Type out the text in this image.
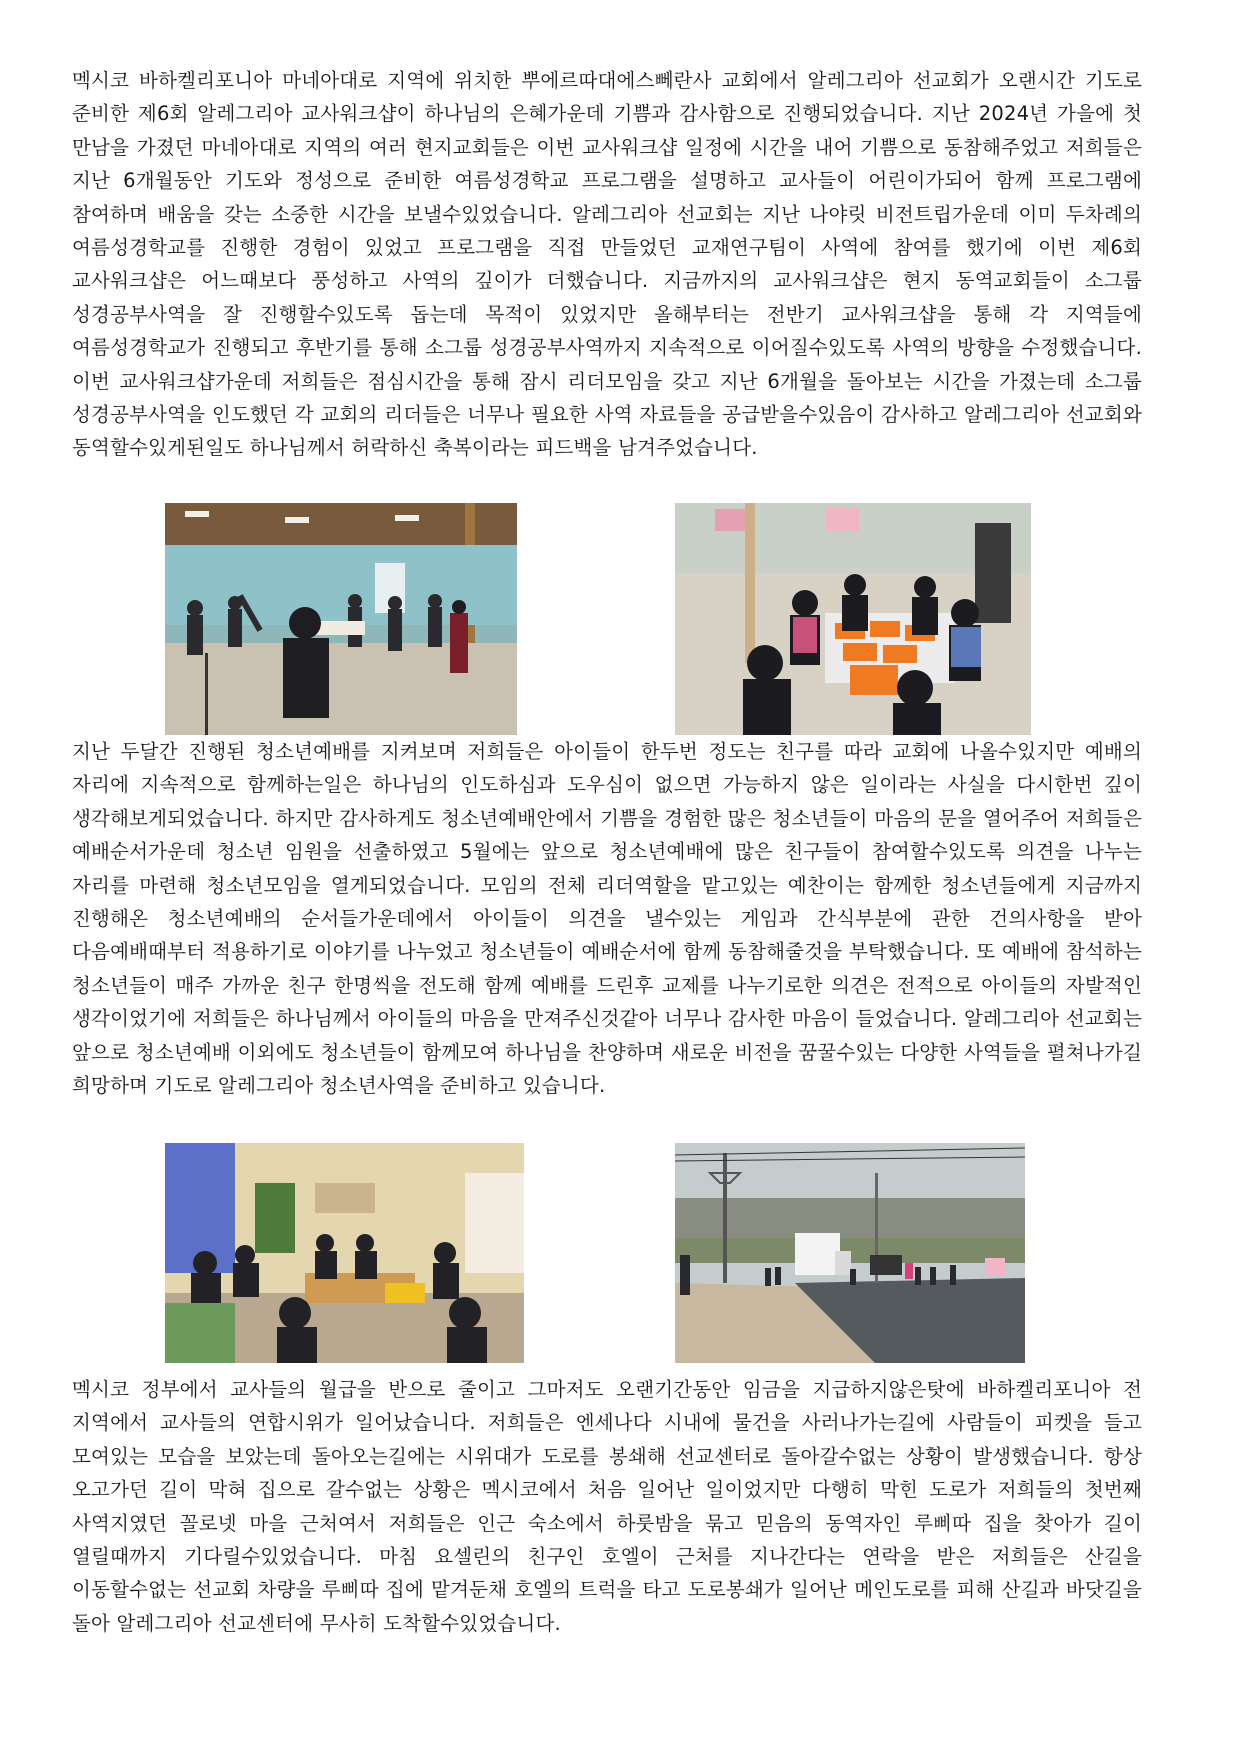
멕시코 바하켈리포니아 마네아대로 지역에 위치한 뿌에르따대에스뻬란사 교회에서 알레그리아 선교회가 오랜시간 기도로 준비한 제6회 알레그리아 교사워크샵이 하나님의 은혜가운데 기쁨과 감사함으로 진행되었습니다. 지난 2024년 가을에 첫 만남을 가졌던 마네아대로 지역의 여러 현지교회들은 이번 교사워크샵 일정에 시간을 내어 기쁨으로 동참해주었고 저희들은 지난 6개월동안 기도와 정성으로 준비한 여름성경학교 프로그램을 설명하고 교사들이 어린이가되어 함께 프로그램에 참여하며 배움을 갖는 소중한 시간을 보낼수있었습니다. 알레그리아 선교회는 지난 나야릿 비전트립가운데 이미 두차례의 여름성경학교를 진행한 경험이 있었고 프로그램을 직접 만들었던 교재연구팀이 사역에 참여를 했기에 이번 제6회 교사워크샵은 어느때보다 풍성하고 사역의 깊이가 더했습니다. 지금까지의 교사워크샵은 현지 동역교회들이 소그룹 성경공부사역을 잘 진행할수있도록 돕는데 목적이 있었지만 올해부터는 전반기 교사워크샵을 통해 각 지역들에 여름성경학교가 진행되고 후반기를 통해 소그룹 성경공부사역까지 지속적으로 이어질수있도록 사역의 방향을 수정했습니다. 이번 교사워크샵가운데 저희들은 점심시간을 통해 잠시 리더모임을 갖고 지난 6개월을 돌아보는 시간을 가졌는데 소그룹 성경공부사역을 인도했던 각 교회의 리더들은 너무나 필요한 사역 자료들을 공급받을수있음이 감사하고 알레그리아 선교회와 동역할수있게된일도 하나님께서 허락하신 축복이라는 피드백을 남겨주었습니다.

지난 두달간 진행된 청소년예배를 지켜보며 저희들은 아이들이 한두번 정도는 친구를 따라 교회에 나올수있지만 예배의 자리에 지속적으로 함께하는일은 하나님의 인도하심과 도우심이 없으면 가능하지 않은 일이라는 사실을 다시한번 깊이 생각해보게되었습니다. 하지만 감사하게도 청소년예배안에서 기쁨을 경험한 많은 청소년들이 마음의 문을 열어주어 저희들은 예배순서가운데 청소년 임원을 선출하였고 5월에는 앞으로 청소년예배에 많은 친구들이 참여할수있도록 의견을 나누는 자리를 마련해 청소년모임을 열게되었습니다. 모임의 전체 리더역할을 맡고있는 예찬이는 함께한 청소년들에게 지금까지 진행해온 청소년예배의 순서들가운데에서 아이들이 의견을 낼수있는 게임과 간식부분에 관한 건의사항을 받아 다음예배때부터 적용하기로 이야기를 나누었고 청소년들이 예배순서에 함께 동참해줄것을 부탁했습니다. 또 예배에 참석하는 청소년들이 매주 가까운 친구 한명씩을 전도해 함께 예배를 드린후 교제를 나누기로한 의견은 전적으로 아이들의 자발적인 생각이었기에 저희들은 하나님께서 아이들의 마음을 만져주신것같아 너무나 감사한 마음이 들었습니다. 알레그리아 선교회는 앞으로 청소년예배 이외에도 청소년들이 함께모여 하나님을 찬양하며 새로운 비전을 꿈꿀수있는 다양한 사역들을 펼쳐나가길 희망하며 기도로 알레그리아 청소년사역을 준비하고 있습니다.

멕시코 정부에서 교사들의 월급을 반으로 줄이고 그마저도 오랜기간동안 임금을 지급하지않은탓에 바하켈리포니아 전 지역에서 교사들의 연합시위가 일어났습니다. 저희들은 엔세나다 시내에 물건을 사러나가는길에 사람들이 피켓을 들고 모여있는 모습을 보았는데 돌아오는길에는 시위대가 도로를 봉쇄해 선교센터로 돌아갈수없는 상황이 발생했습니다. 항상 오고가던 길이 막혀 집으로 갈수없는 상황은 멕시코에서 처음 일어난 일이었지만 다행히 막힌 도로가 저희들의 첫번째 사역지였던 꼴로넷 마을 근처여서 저희들은 인근 숙소에서 하룻밤을 묶고 믿음의 동역자인 루삐따 집을 찾아가 길이 열릴때까지 기다릴수있었습니다. 마침 요셀린의 친구인 호엘이 근처를 지나간다는 연락을 받은 저희들은 산길을 이동할수없는 선교회 차량을 루삐따 집에 맡겨둔채 호엘의 트럭을 타고 도로봉쇄가 일어난 메인도로를 피해 산길과 바닷길을 돌아 알레그리아 선교센터에 무사히 도착할수있었습니다.
